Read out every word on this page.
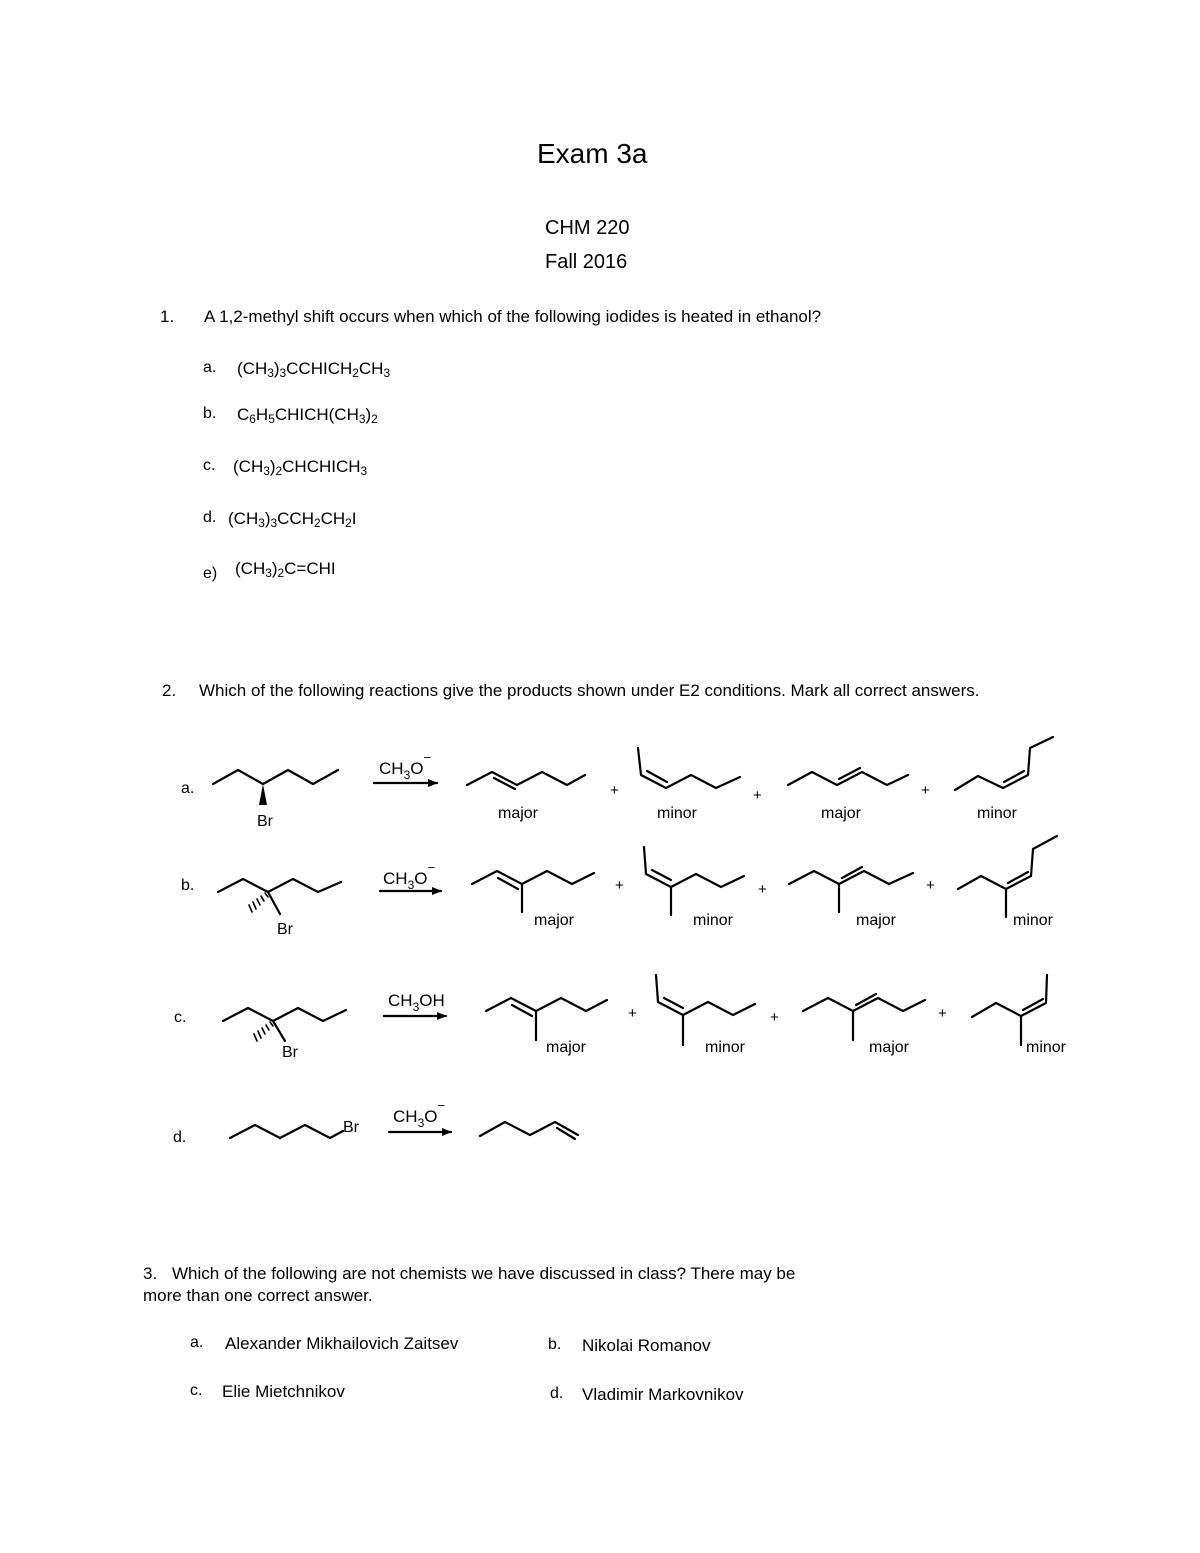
Exam 3a
CHM 220
Fall 2016
1. A 1,2-methyl shift occurs when which of the following iodides is heated in ethanol?
a. $(CH_3)_3CCHICH_2CH_3$
b. $C_6H_5CHICH(CH_3)_2$
c. $(CH_3)_2CHCHICH_3$
d. $(CH_3)_3CCH_2CH_2I$
e) $(CH_3)_2C=CHI$
2. Which of the following reactions give the products shown under E2 conditions. Mark all correct answers.
a.
Br
$CH_3O^-$
major
+
minor
+
major
+
minor
b.
Br
$CH_3O^-$
major
+
minor
+
major
+
minor
c.
Br
$CH_3OH$
major
+
minor
+
major
+
minor
d.
Br
$CH_3O^-$
3. Which of the following are not chemists we have discussed in class? There may be
more than one correct answer.
a. Alexander Mikhailovich Zaitsev	b. Nikolai Romanov
c. Elie Mietchnikov	d. Vladimir Markovnikov
